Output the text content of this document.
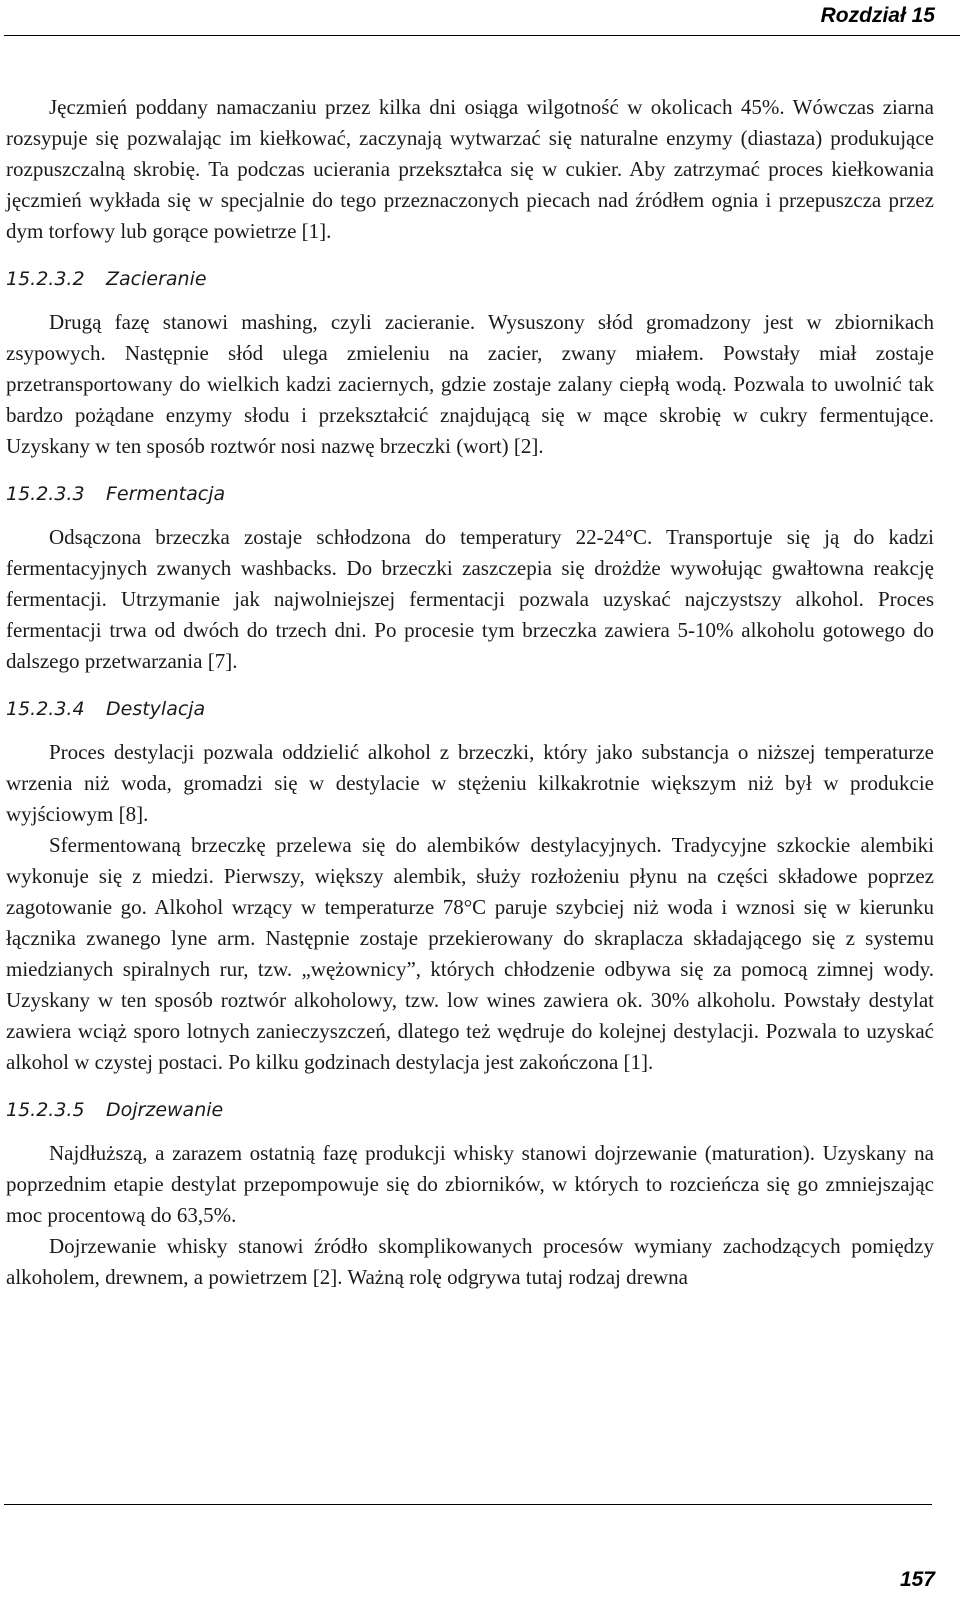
Rozdział 15

Jęczmień poddany namaczaniu przez kilka dni osiąga wilgotność w okolicach 45%. Wówczas ziarna rozsypuje się pozwalając im kiełkować, zaczynają wytwarzać się naturalne enzymy (diastaza) produkujące rozpuszczalną skrobię. Ta podczas ucierania przekształca się w cukier. Aby zatrzymać proces kiełkowania jęczmień wykłada się w specjalnie do tego przeznaczonych piecach nad źródłem ognia i przepuszcza przez dym torfowy lub gorące powietrze [1].

15.2.3.2 Zacieranie

Drugą fazę stanowi mashing, czyli zacieranie. Wysuszony słód gromadzony jest w zbiornikach zsypowych. Następnie słód ulega zmieleniu na zacier, zwany miałem. Powstały miał zostaje przetransportowany do wielkich kadzi zaciernych, gdzie zostaje zalany ciepłą wodą. Pozwala to uwolnić tak bardzo pożądane enzymy słodu i przekształcić znajdującą się w mące skrobię w cukry fermentujące. Uzyskany w ten sposób roztwór nosi nazwę brzeczki (wort) [2].

15.2.3.3 Fermentacja

Odsączona brzeczka zostaje schłodzona do temperatury 22-24°C. Transportuje się ją do kadzi fermentacyjnych zwanych washbacks. Do brzeczki zaszczepia się drożdże wywołując gwałtowna reakcję fermentacji. Utrzymanie jak najwolniejszej fermentacji pozwala uzyskać najczystszy alkohol. Proces fermentacji trwa od dwóch do trzech dni. Po procesie tym brzeczka zawiera 5-10% alkoholu gotowego do dalszego przetwarzania [7].

15.2.3.4 Destylacja

Proces destylacji pozwala oddzielić alkohol z brzeczki, który jako substancja o niższej temperaturze wrzenia niż woda, gromadzi się w destylacie w stężeniu kilkakrotnie większym niż był w produkcie wyjściowym [8].

Sfermentowaną brzeczkę przelewa się do alembików destylacyjnych. Tradycyjne szkockie alembiki wykonuje się z miedzi. Pierwszy, większy alembik, służy rozłożeniu płynu na części składowe poprzez zagotowanie go. Alkohol wrzący w temperaturze 78°C paruje szybciej niż woda i wznosi się w kierunku łącznika zwanego lyne arm. Następnie zostaje przekierowany do skraplacza składającego się z systemu miedzianych spiralnych rur, tzw. „wężownicy”, których chłodzenie odbywa się za pomocą zimnej wody. Uzyskany w ten sposób roztwór alkoholowy, tzw. low wines zawiera ok. 30% alkoholu. Powstały destylat zawiera wciąż sporo lotnych zanieczyszczeń, dlatego też wędruje do kolejnej destylacji. Pozwala to uzyskać alkohol w czystej postaci. Po kilku godzinach destylacja jest zakończona [1].

15.2.3.5 Dojrzewanie

Najdłuższą, a zarazem ostatnią fazę produkcji whisky stanowi dojrzewanie (maturation). Uzyskany na poprzednim etapie destylat przepompowuje się do zbiorników, w których to rozcieńcza się go zmniejszając moc procentową do 63,5%.

Dojrzewanie whisky stanowi źródło skomplikowanych procesów wymiany zachodzących pomiędzy alkoholem, drewnem, a powietrzem [2]. Ważną rolę odgrywa tutaj rodzaj drewna

157
